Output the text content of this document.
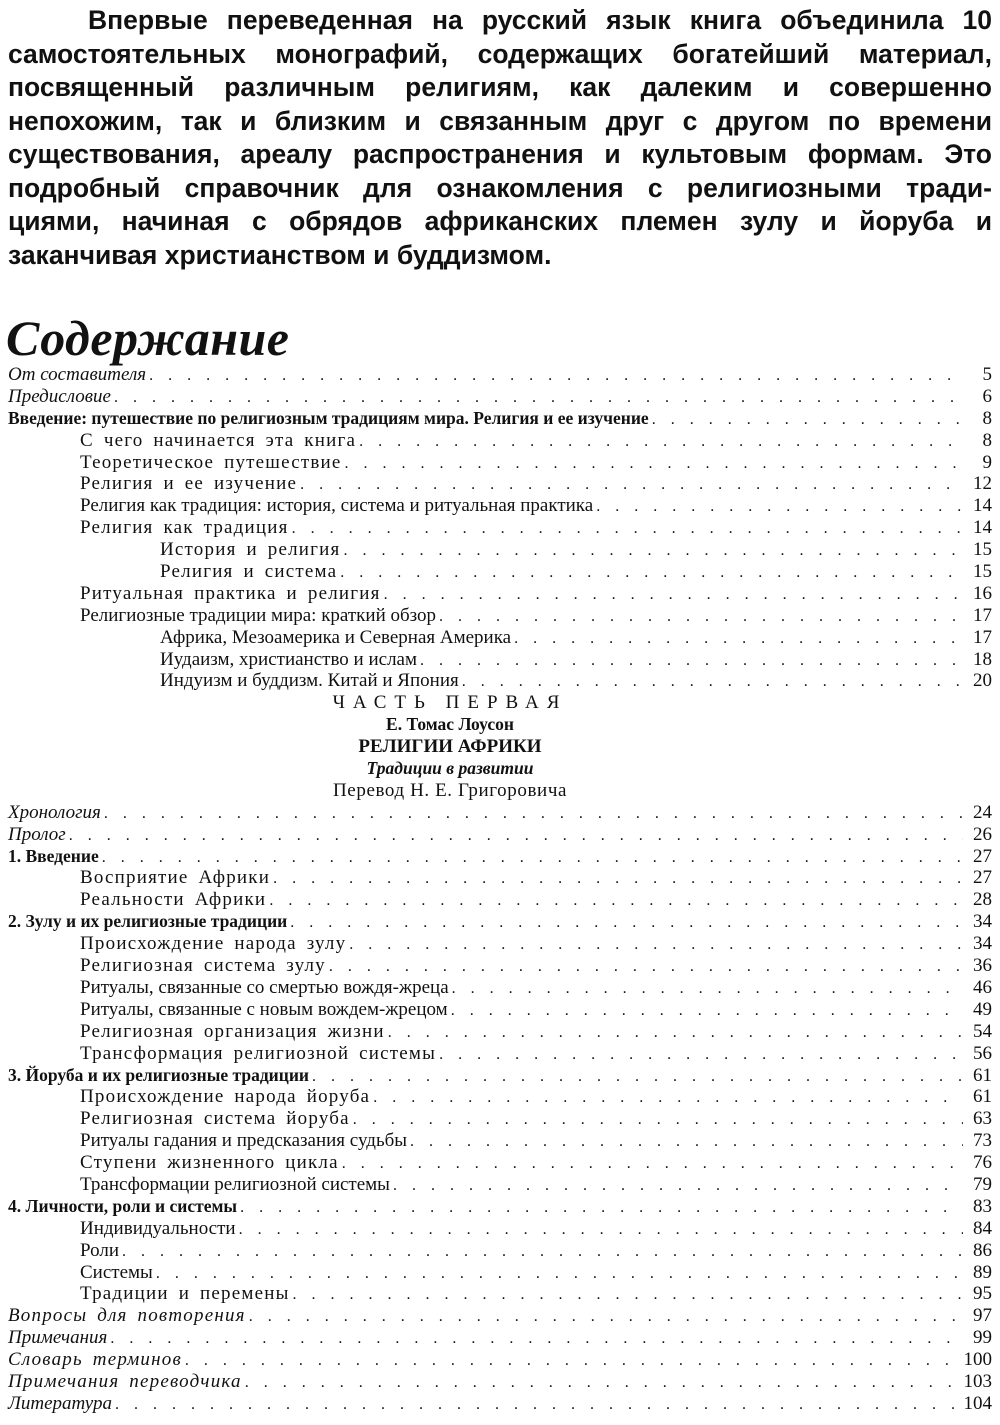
Впервые переведенная на русский язык книга объединила 10
самостоятельных монографий, содержащих богатейший материал,
посвященный различным религиям, как далеким и совершенно
непохожим, так и близким и связанным друг с другом по времени
существования, ареалу распространения и культовым формам. Это
подробный справочник для ознакомления с религиозными тради-
циями, начиная с обрядов африканских племен зулу и йоруба и
заканчивая христианством и буддизмом.
Содержание
От составителя . . .	5
Предисловие . . .	6
Введение: путешествие по религиозным традициям мира. Религия и ее изучение . . .	8
С чего начинается эта книга . . .	8
Теоретическое путешествие . . .	9
Религия и ее изучение . . .	12
Религия как традиция: история, система и ритуальная практика . . .	14
Религия как традиция . . .	14
История и религия . . .	15
Религия и система . . .	15
Ритуальная практика и религия . . .	16
Религиозные традиции мира: краткий обзор . . .	17
Африка, Мезоамерика и Северная Америка . . .	17
Иудаизм, христианство и ислам . . .	18
Индуизм и буддизм. Китай и Япония . . .	20
ЧАСТЬ ПЕРВАЯ
Е. Томас Лоусон
РЕЛИГИИ АФРИКИ
Традиции в развитии
Перевод Н. Е. Григоровича
Хронология . . .	24
Пролог . . .	26
1. Введение . . .	27
Восприятие Африки . . .	27
Реальности Африки . . .	28
2. Зулу и их религиозные традиции . . .	34
Происхождение народа зулу . . .	34
Религиозная система зулу . . .	36
Ритуалы, связанные со смертью вождя-жреца . . .	46
Ритуалы, связанные с новым вождем-жрецом . . .	49
Религиозная организация жизни . . .	54
Трансформация религиозной системы . . .	56
3. Йоруба и их религиозные традиции . . .	61
Происхождение народа йоруба . . .	61
Религиозная система йоруба . . .	63
Ритуалы гадания и предсказания судьбы . . .	73
Ступени жизненного цикла . . .	76
Трансформации религиозной системы . . .	79
4. Личности, роли и системы . . .	83
Индивидуальности . . .	84
Роли . . .	86
Системы . . .	89
Традиции и перемены . . .	95
Вопросы для повторения . . .	97
Примечания . . .	99
Словарь терминов . . .	100
Примечания переводчика . . .	103
Литература . . .	104
